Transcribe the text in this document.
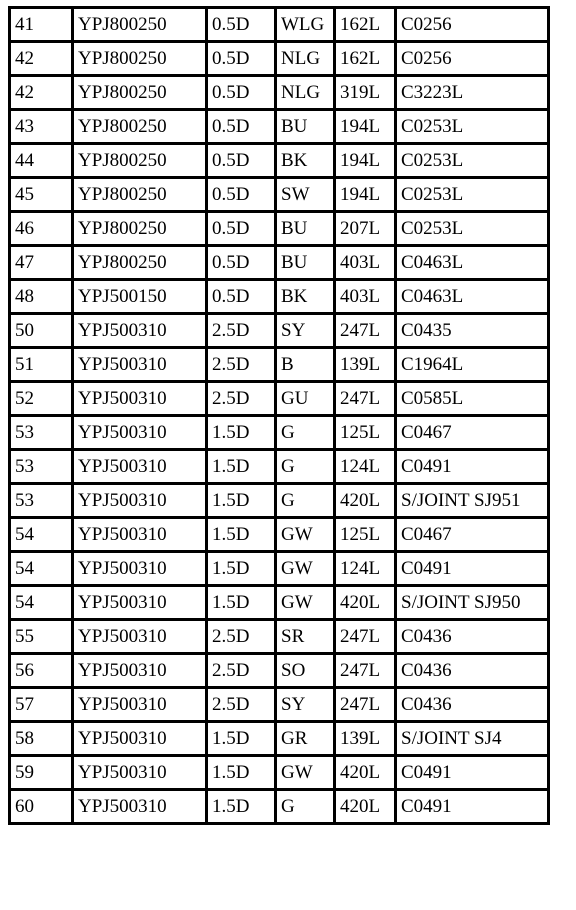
41	YPJ800250	0.5D	WLG	162L	C0256
42	YPJ800250	0.5D	NLG	162L	C0256
42	YPJ800250	0.5D	NLG	319L	C3223L
43	YPJ800250	0.5D	BU	194L	C0253L
44	YPJ800250	0.5D	BK	194L	C0253L
45	YPJ800250	0.5D	SW	194L	C0253L
46	YPJ800250	0.5D	BU	207L	C0253L
47	YPJ800250	0.5D	BU	403L	C0463L
48	YPJ500150	0.5D	BK	403L	C0463L
50	YPJ500310	2.5D	SY	247L	C0435
51	YPJ500310	2.5D	B	139L	C1964L
52	YPJ500310	2.5D	GU	247L	C0585L
53	YPJ500310	1.5D	G	125L	C0467
53	YPJ500310	1.5D	G	124L	C0491
53	YPJ500310	1.5D	G	420L	S/JOINT SJ951
54	YPJ500310	1.5D	GW	125L	C0467
54	YPJ500310	1.5D	GW	124L	C0491
54	YPJ500310	1.5D	GW	420L	S/JOINT SJ950
55	YPJ500310	2.5D	SR	247L	C0436
56	YPJ500310	2.5D	SO	247L	C0436
57	YPJ500310	2.5D	SY	247L	C0436
58	YPJ500310	1.5D	GR	139L	S/JOINT SJ4
59	YPJ500310	1.5D	GW	420L	C0491
60	YPJ500310	1.5D	G	420L	C0491
